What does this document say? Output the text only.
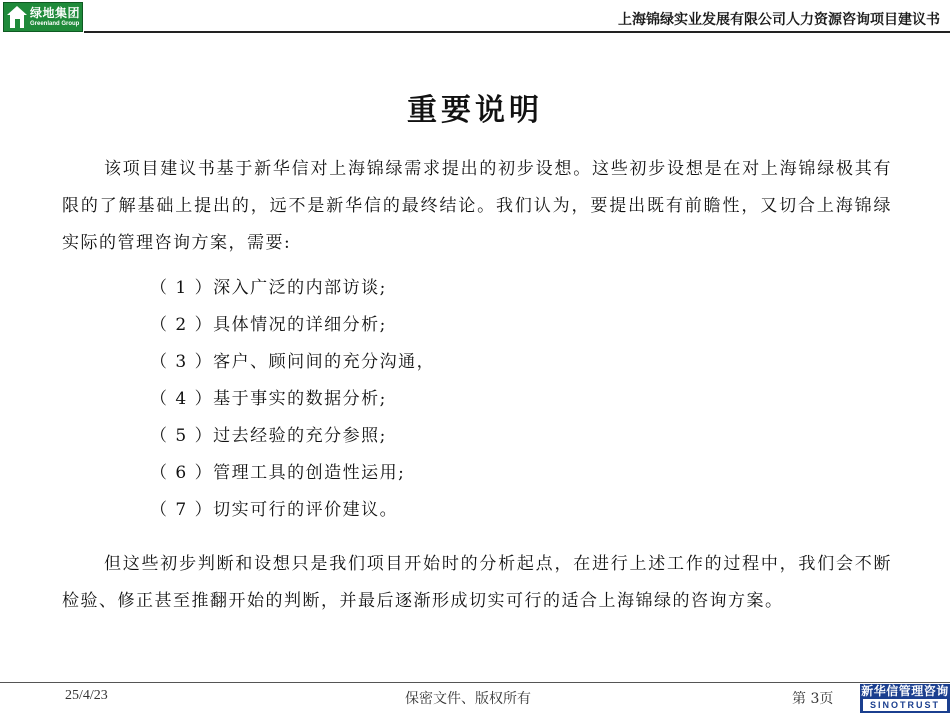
绿地集团
Greenland Group	上海锦绿实业发展有限公司人力资源咨询项目建议书
重要说明

该项目建议书基于新华信对上海锦绿需求提出的初步设想。这些初步设想是在对上海锦绿极其有限的了解基础上提出的，远不是新华信的最终结论。我们认为，要提出既有前瞻性，又切合上海锦绿实际的管理咨询方案，需要:

（ 1 ）深入广泛的内部访谈;
（ 2 ）具体情况的详细分析;
（ 3 ）客户、顾问间的充分沟通，
（ 4 ）基于事实的数据分析;
（ 5 ）过去经验的充分参照;
（ 6 ）管理工具的创造性运用;
（ 7 ）切实可行的评价建议。

但这些初步判断和设想只是我们项目开始时的分析起点，在进行上述工作的过程中，我们会不断检验、修正甚至推翻开始的判断，并最后逐渐形成切实可行的适合上海锦绿的咨询方案。

25/4/23	保密文件、版权所有	第 3页 新华信管理咨询
SINOTRUST
